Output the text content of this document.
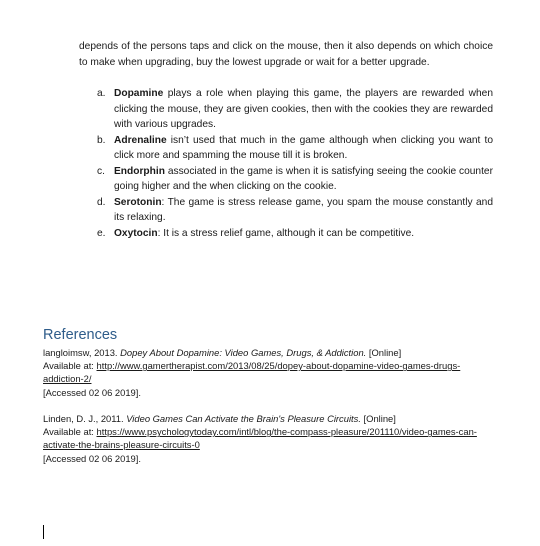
depends of the persons taps and click on the mouse, then it also depends on which choice to make when upgrading, buy the lowest upgrade or wait for a better upgrade.

a. Dopamine plays a role when playing this game, the players are rewarded when clicking the mouse, they are given cookies, then with the cookies they are rewarded with various upgrades.
b. Adrenaline isn’t used that much in the game although when clicking you want to click more and spamming the mouse till it is broken.
c. Endorphin associated in the game is when it is satisfying seeing the cookie counter going higher and the when clicking on the cookie.
d. Serotonin: The game is stress release game, you spam the mouse constantly and its relaxing.
e. Oxytocin: It is a stress relief game, although it can be competitive.
References
langloimsw, 2013. Dopey About Dopamine: Video Games, Drugs, & Addiction. [Online]
Available at: http://www.gamertherapist.com/2013/08/25/dopey-about-dopamine-video-games-drugs-addiction-2/
[Accessed 02 06 2019].
Linden, D. J., 2011. Video Games Can Activate the Brain's Pleasure Circuits. [Online]
Available at: https://www.psychologytoday.com/intl/blog/the-compass-pleasure/201110/video-games-can-activate-the-brains-pleasure-circuits-0
[Accessed 02 06 2019].
